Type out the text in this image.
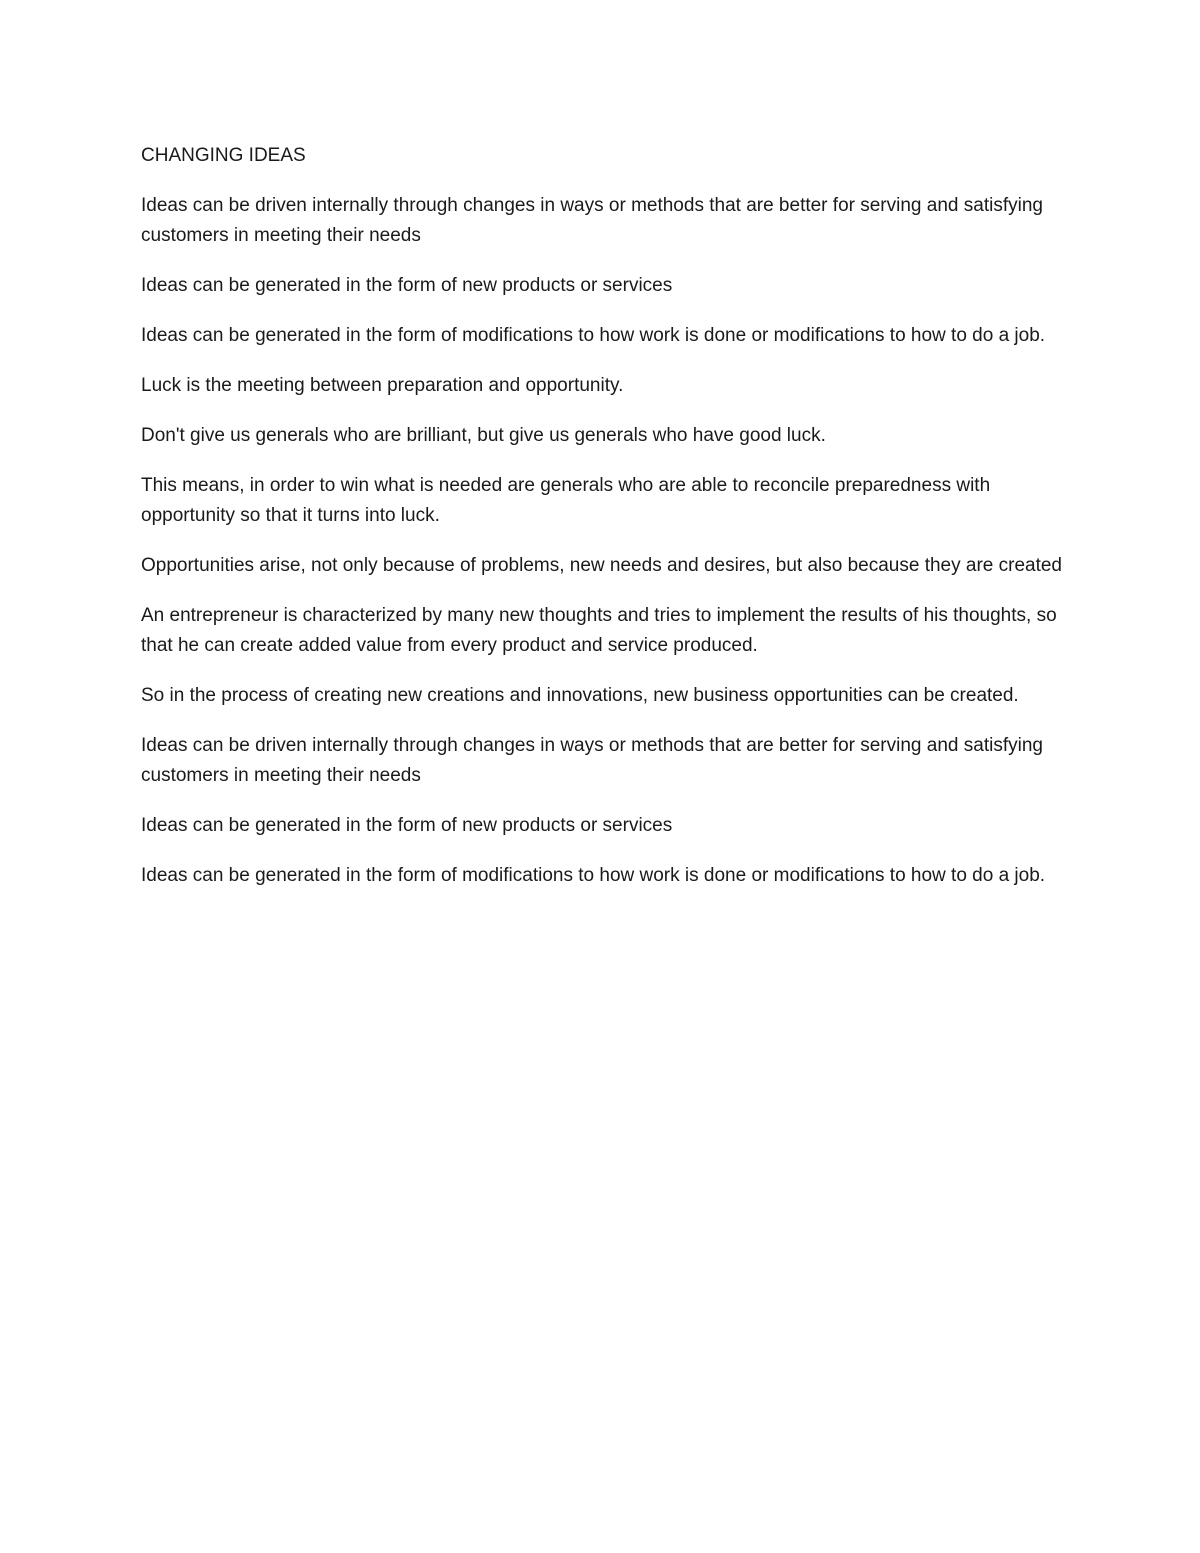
CHANGING IDEAS

Ideas can be driven internally through changes in ways or methods that are better for serving and satisfying customers in meeting their needs

Ideas can be generated in the form of new products or services

Ideas can be generated in the form of modifications to how work is done or modifications to how to do a job.

Luck is the meeting between preparation and opportunity.

Don't give us generals who are brilliant, but give us generals who have good luck.

This means, in order to win what is needed are generals who are able to reconcile preparedness with opportunity so that it turns into luck.

Opportunities arise, not only because of problems, new needs and desires, but also because they are created

An entrepreneur is characterized by many new thoughts and tries to implement the results of his thoughts, so that he can create added value from every product and service produced.

So in the process of creating new creations and innovations, new business opportunities can be created.

Ideas can be driven internally through changes in ways or methods that are better for serving and satisfying customers in meeting their needs

Ideas can be generated in the form of new products or services

Ideas can be generated in the form of modifications to how work is done or modifications to how to do a job.
